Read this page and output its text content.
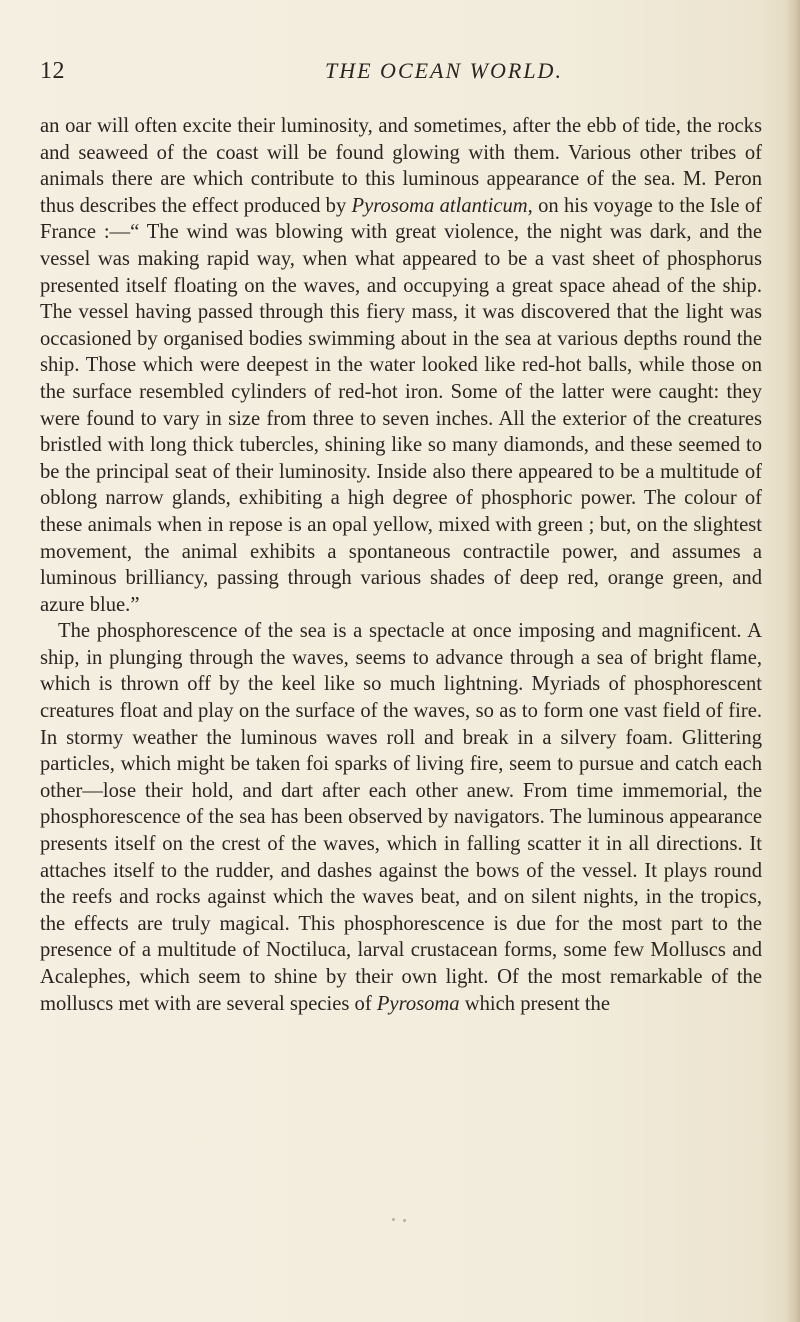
12	THE OCEAN WORLD.

an oar will often excite their luminosity, and sometimes, after the ebb of tide, the rocks and seaweed of the coast will be found glowing with them. Various other tribes of animals there are which contribute to this luminous appearance of the sea. M. Peron thus describes the effect produced by Pyrosoma atlanticum, on his voyage to the Isle of France :—“ The wind was blowing with great violence, the night was dark, and the vessel was making rapid way, when what appeared to be a vast sheet of phosphorus presented itself floating on the waves, and occupying a great space ahead of the ship. The vessel having passed through this fiery mass, it was discovered that the light was occasioned by organised bodies swimming about in the sea at various depths round the ship. Those which were deepest in the water looked like red-hot balls, while those on the surface resembled cylinders of red-hot iron. Some of the latter were caught: they were found to vary in size from three to seven inches. All the exterior of the creatures bristled with long thick tubercles, shining like so many diamonds, and these seemed to be the principal seat of their luminosity. Inside also there appeared to be a multitude of oblong narrow glands, exhibiting a high degree of phosphoric power. The colour of these animals when in repose is an opal yellow, mixed with green ; but, on the slightest movement, the animal exhibits a spontaneous contractile power, and assumes a luminous brilliancy, passing through various shades of deep red, orange green, and azure blue.”

The phosphorescence of the sea is a spectacle at once imposing and magnificent. A ship, in plunging through the waves, seems to advance through a sea of bright flame, which is thrown off by the keel like so much lightning. Myriads of phosphorescent creatures float and play on the surface of the waves, so as to form one vast field of fire. In stormy weather the luminous waves roll and break in a silvery foam. Glittering particles, which might be taken foi sparks of living fire, seem to pursue and catch each other—lose their hold, and dart after each other anew. From time immemorial, the phosphorescence of the sea has been observed by navigators. The luminous appearance presents itself on the crest of the waves, which in falling scatter it in all directions. It attaches itself to the rudder, and dashes against the bows of the vessel. It plays round the reefs and rocks against which the waves beat, and on silent nights, in the tropics, the effects are truly magical. This phosphorescence is due for the most part to the presence of a multitude of Noctiluca, larval crustacean forms, some few Molluscs and Acalephes, which seem to shine by their own light. Of the most remarkable of the molluscs met with are several species of Pyrosoma which present the
